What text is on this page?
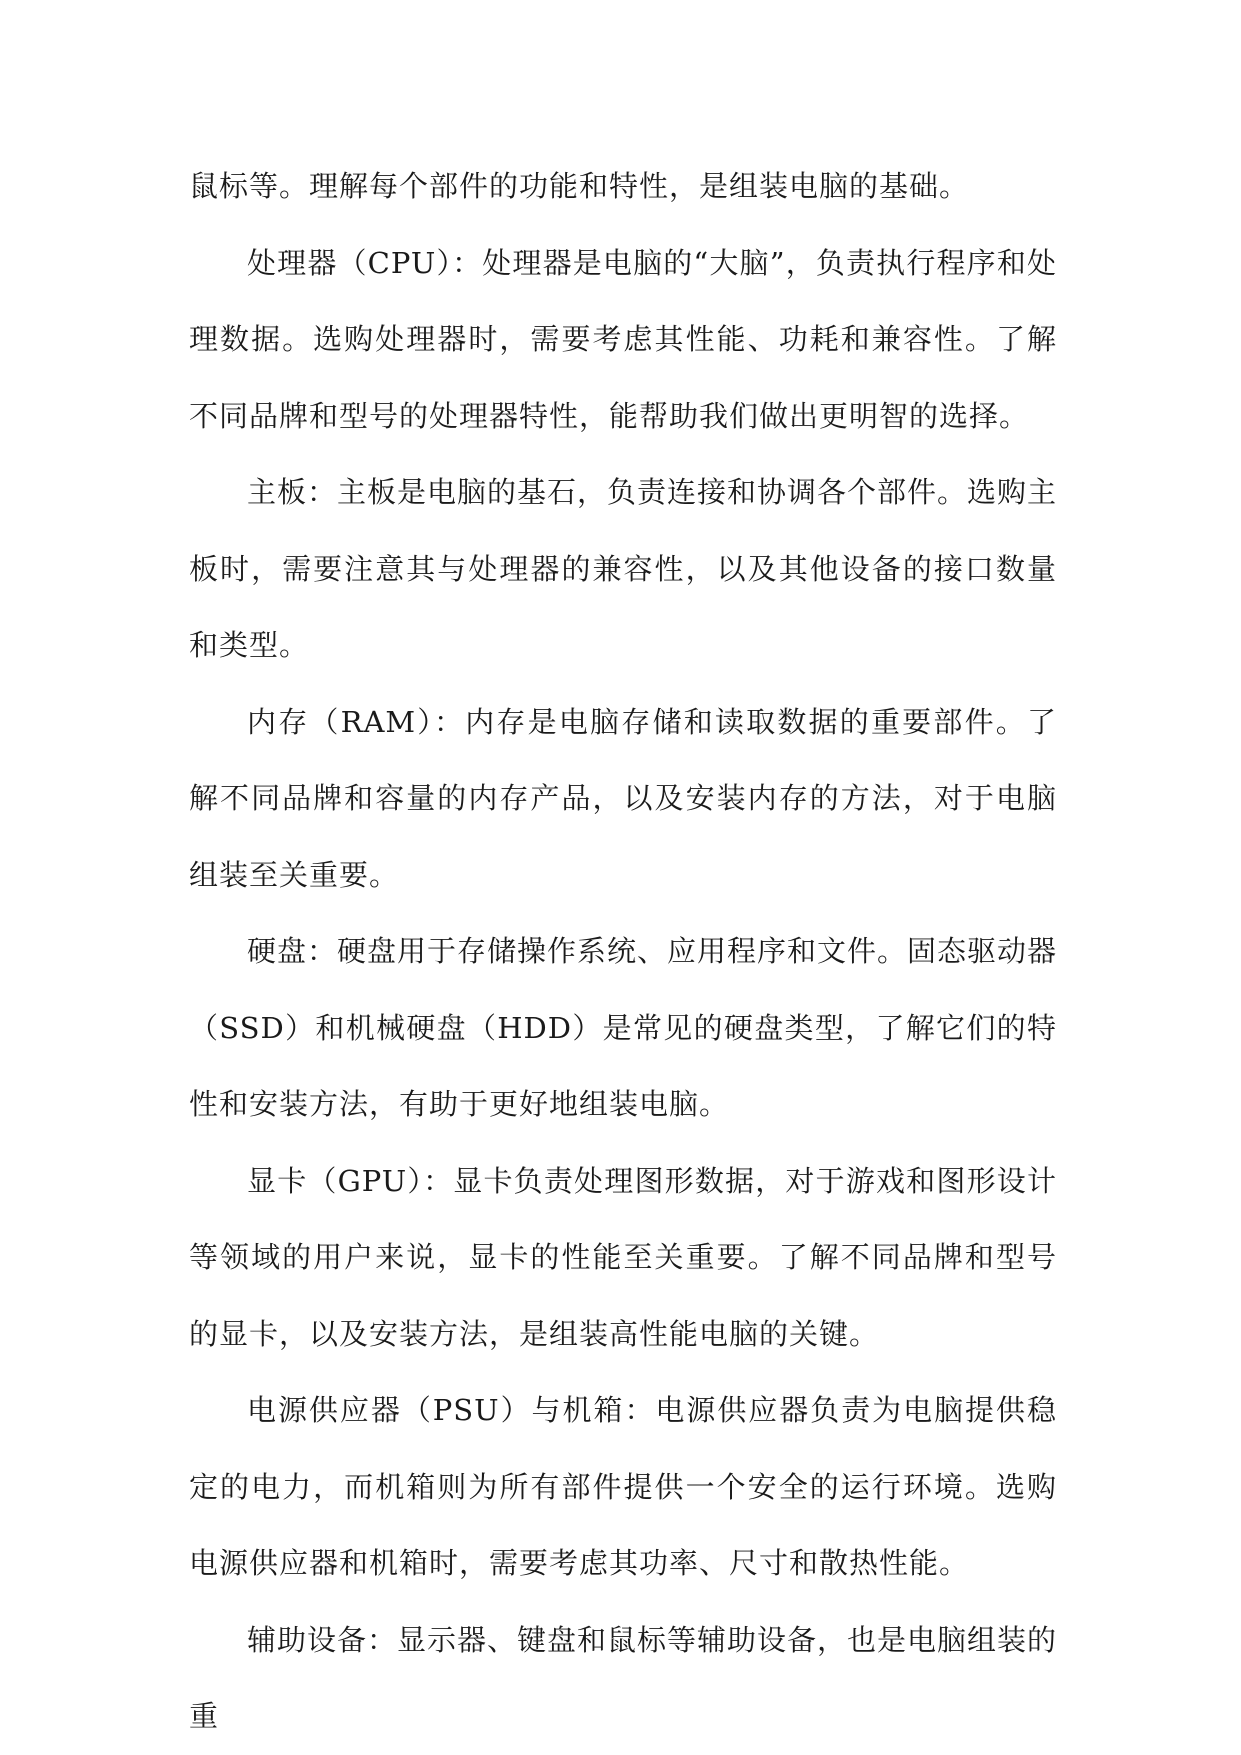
鼠标等。理解每个部件的功能和特性，是组装电脑的基础。

处理器（CPU）：处理器是电脑的“大脑”，负责执行程序和处理数据。选购处理器时，需要考虑其性能、功耗和兼容性。了解不同品牌和型号的处理器特性，能帮助我们做出更明智的选择。

主板：主板是电脑的基石，负责连接和协调各个部件。选购主板时，需要注意其与处理器的兼容性，以及其他设备的接口数量和类型。

内存（RAM）：内存是电脑存储和读取数据的重要部件。了解不同品牌和容量的内存产品，以及安装内存的方法，对于电脑组装至关重要。

硬盘：硬盘用于存储操作系统、应用程序和文件。固态驱动器（SSD）和机械硬盘（HDD）是常见的硬盘类型，了解它们的特性和安装方法，有助于更好地组装电脑。

显卡（GPU）：显卡负责处理图形数据，对于游戏和图形设计等领域的用户来说，显卡的性能至关重要。了解不同品牌和型号的显卡，以及安装方法，是组装高性能电脑的关键。

电源供应器（PSU）与机箱：电源供应器负责为电脑提供稳定的电力，而机箱则为所有部件提供一个安全的运行环境。选购电源供应器和机箱时，需要考虑其功率、尺寸和散热性能。

辅助设备：显示器、键盘和鼠标等辅助设备，也是电脑组装的重
